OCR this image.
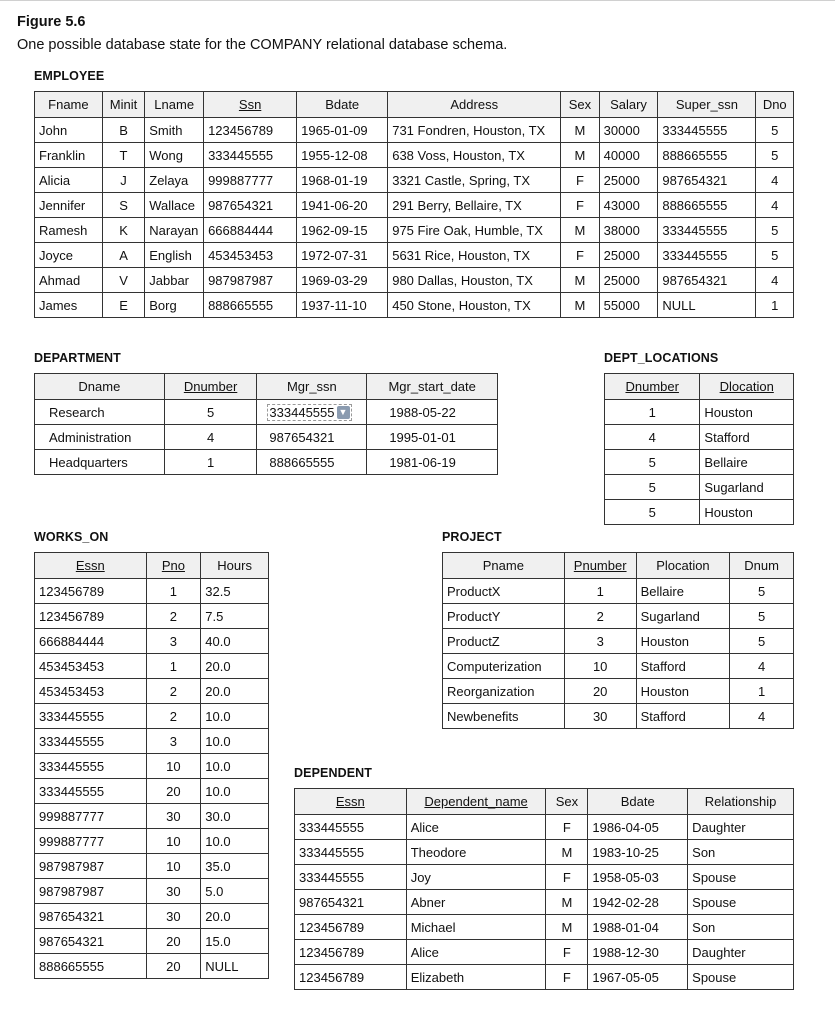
Figure 5.6
One possible database state for the COMPANY relational database schema.
EMPLOYEE
Fname	Minit	Lname	Ssn	Bdate	Address	Sex	Salary	Super_ssn	Dno
John	B	Smith	123456789	1965-01-09	731 Fondren, Houston, TX	M	30000	333445555	5
Franklin	T	Wong	333445555	1955-12-08	638 Voss, Houston, TX	M	40000	888665555	5
Alicia	J	Zelaya	999887777	1968-01-19	3321 Castle, Spring, TX	F	25000	987654321	4
Jennifer	S	Wallace	987654321	1941-06-20	291 Berry, Bellaire, TX	F	43000	888665555	4
Ramesh	K	Narayan	666884444	1962-09-15	975 Fire Oak, Humble, TX	M	38000	333445555	5
Joyce	A	English	453453453	1972-07-31	5631 Rice, Houston, TX	F	25000	333445555	5
Ahmad	V	Jabbar	987987987	1969-03-29	980 Dallas, Houston, TX	M	25000	987654321	4
James	E	Borg	888665555	1937-11-10	450 Stone, Houston, TX	M	55000	NULL	1
DEPARTMENT
Dname	Dnumber	Mgr_ssn	Mgr_start_date
Research	5	333445555 ▼	1988-05-22
Administration	4	987654321	1995-01-01
Headquarters	1	888665555	1981-06-19
DEPT_LOCATIONS
Dnumber	Dlocation
1	Houston
4	Stafford
5	Bellaire
5	Sugarland
5	Houston
WORKS_ON
Essn	Pno	Hours
123456789	1	32.5
123456789	2	7.5
666884444	3	40.0
453453453	1	20.0
453453453	2	20.0
333445555	2	10.0
333445555	3	10.0
333445555	10	10.0
333445555	20	10.0
999887777	30	30.0
999887777	10	10.0
987987987	10	35.0
987987987	30	5.0
987654321	30	20.0
987654321	20	15.0
888665555	20	NULL
PROJECT
Pname	Pnumber	Plocation	Dnum
ProductX	1	Bellaire	5
ProductY	2	Sugarland	5
ProductZ	3	Houston	5
Computerization	10	Stafford	4
Reorganization	20	Houston	1
Newbenefits	30	Stafford	4
DEPENDENT
Essn	Dependent_name	Sex	Bdate	Relationship
333445555	Alice	F	1986-04-05	Daughter
333445555	Theodore	M	1983-10-25	Son
333445555	Joy	F	1958-05-03	Spouse
987654321	Abner	M	1942-02-28	Spouse
123456789	Michael	M	1988-01-04	Son
123456789	Alice	F	1988-12-30	Daughter
123456789	Elizabeth	F	1967-05-05	Spouse
